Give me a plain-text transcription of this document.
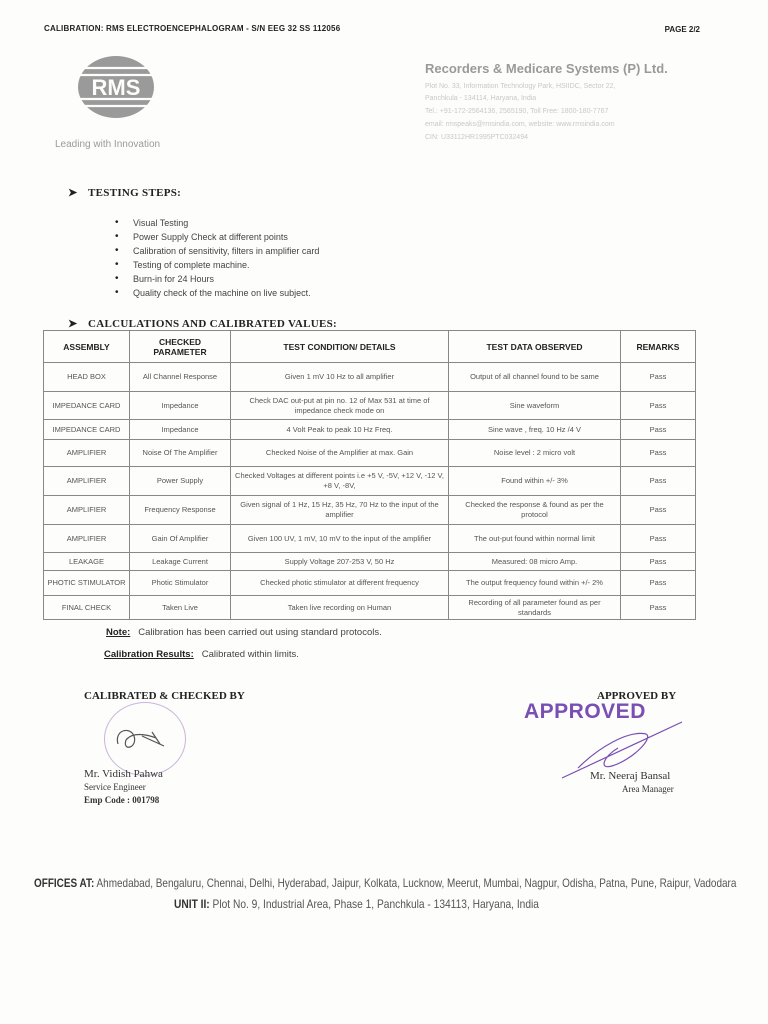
CALIBRATION: RMS ELECTROENCEPHALOGRAM - S/N EEG 32 SS 112056	PAGE 2/2
RMS
Leading with Innovation
Recorders & Medicare Systems (P) Ltd.
Plot No. 33, Information Technology Park, HSIIDC, Sector 22,
Panchkula - 134114, Haryana, India
Tel.: +91-172-2564136, 2565190, Toll Free: 1800-180-7767
email: rmspeaks@rmsindia.com, website: www.rmsindia.com
CIN: U33112HR1995PTC032494
➤ TESTING STEPS:
• Visual Testing
• Power Supply Check at different points
• Calibration of sensitivity, filters in amplifier card
• Testing of complete machine.
• Burn-in for 24 Hours
• Quality check of the machine on live subject.
➤ CALCULATIONS AND CALIBRATED VALUES:
ASSEMBLY	CHECKED PARAMETER	TEST CONDITION/ DETAILS	TEST DATA OBSERVED	REMARKS
HEAD BOX	All Channel Response	Given 1 mV 10 Hz to all amplifier	Output of all channel found to be same	Pass
IMPEDANCE CARD	Impedance	Check DAC out-put at pin no. 12 of Max 531 at time of impedance check mode on	Sine waveform	Pass
IMPEDANCE CARD	Impedance	4 Volt Peak to peak 10 Hz Freq.	Sine wave , freq. 10 Hz /4 V	Pass
AMPLIFIER	Noise Of The Amplifier	Checked Noise of the Amplifier at max. Gain	Noise level : 2 micro volt	Pass
AMPLIFIER	Power Supply	Checked Voltages at different points i.e +5 V, -5V, +12 V, -12 V, +8 V, -8V,	Found within +/- 3%	Pass
AMPLIFIER	Frequency Response	Given signal of 1 Hz, 15 Hz, 35 Hz, 70 Hz to the input of the amplifier	Checked the response & found as per the protocol	Pass
AMPLIFIER	Gain Of Amplifier	Given 100 UV, 1 mV, 10 mV to the input of the amplifier	The out-put found within normal limit	Pass
LEAKAGE	Leakage Current	Supply Voltage 207-253 V, 50 Hz	Measured: 08 micro Amp.	Pass
PHOTIC STIMULATOR	Photic Stimulator	Checked photic stimulator at different frequency	The output frequency found within +/- 2%	Pass
FINAL CHECK	Taken Live	Taken live recording on Human	Recording of all parameter found as per standards	Pass
Note: Calibration has been carried out using standard protocols.
Calibration Results: Calibrated within limits.
CALIBRATED & CHECKED BY
Mr. Vidish Pahwa
Service Engineer
Emp Code : 001798
APPROVED BY
APPROVED
Mr. Neeraj Bansal
Area Manager
OFFICES AT: Ahmedabad, Bengaluru, Chennai, Delhi, Hyderabad, Jaipur, Kolkata, Lucknow, Meerut, Mumbai, Nagpur, Odisha, Patna, Pune, Raipur, Vadodara
UNIT II: Plot No. 9, Industrial Area, Phase 1, Panchkula - 134113, Haryana, India
